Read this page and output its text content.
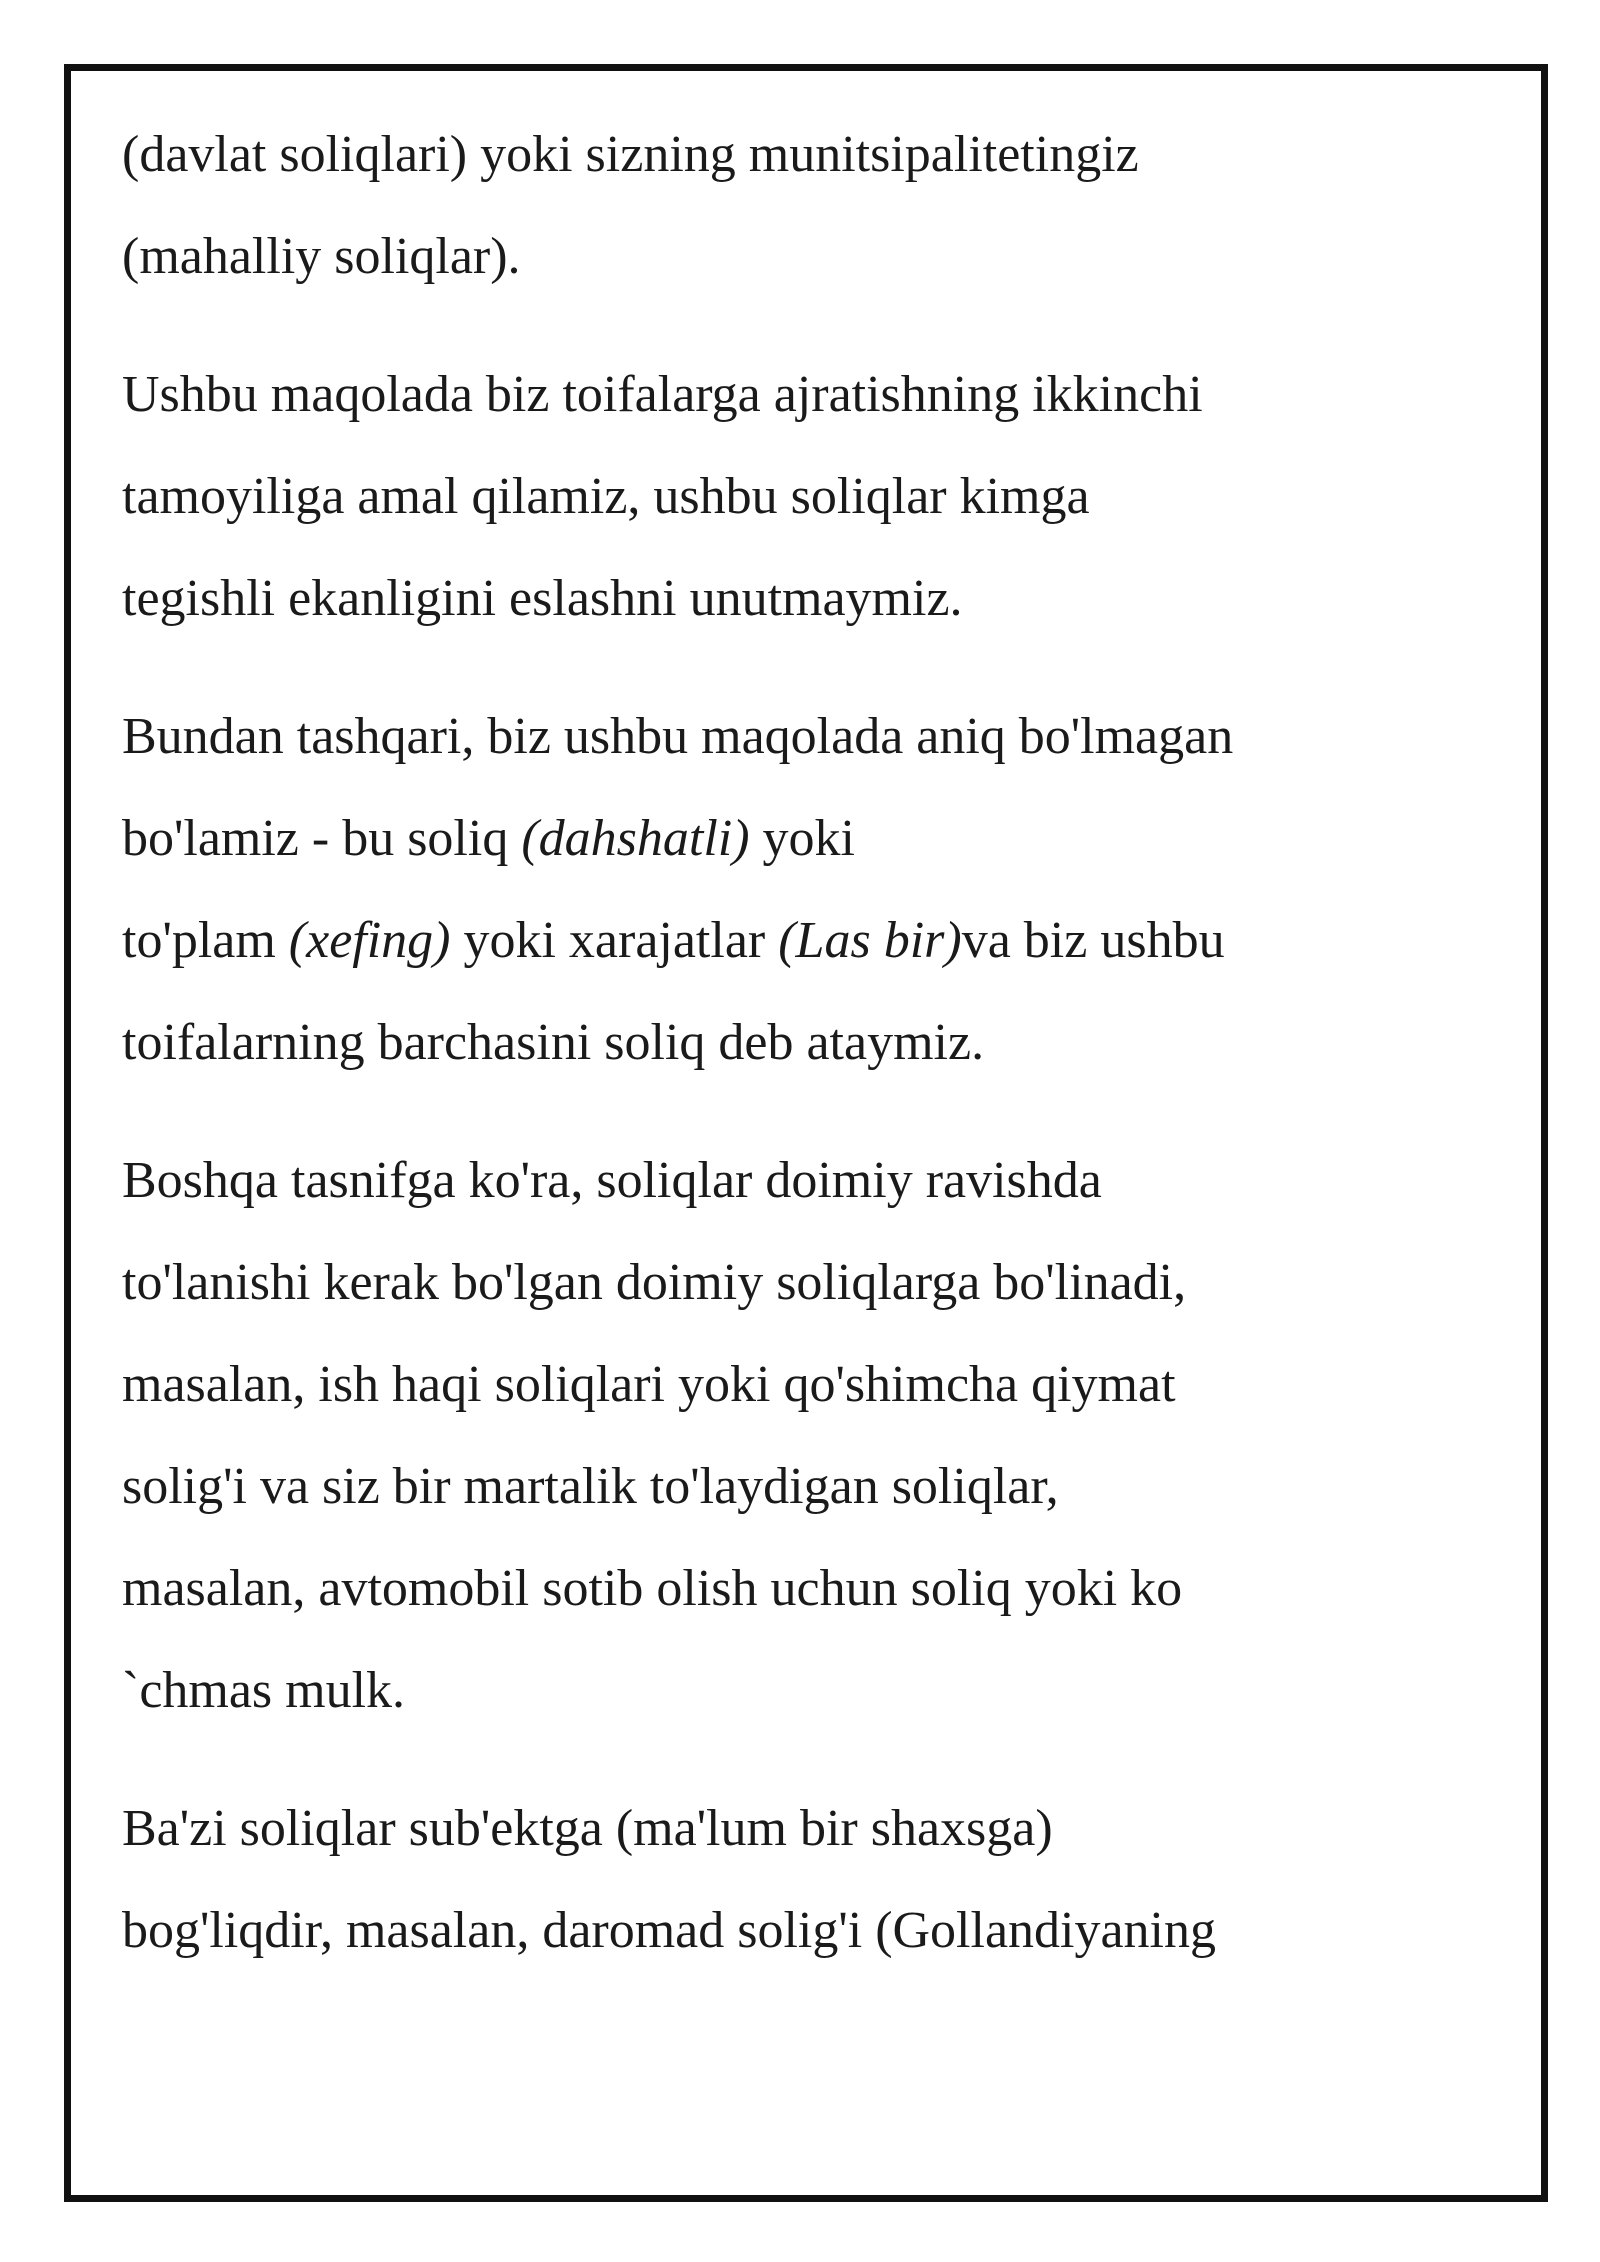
(davlat soliqlari) yoki sizning munitsipalitetingiz
(mahalliy soliqlar).

Ushbu maqolada biz toifalarga ajratishning ikkinchi
tamoyiliga amal qilamiz, ushbu soliqlar kimga
tegishli ekanligini eslashni unutmaymiz.

Bundan tashqari, biz ushbu maqolada aniq bo'lmagan
bo'lamiz - bu soliq (dahshatli) yoki
to'plam (xefing) yoki xarajatlar (Las bir)va biz ushbu
toifalarning barchasini soliq deb ataymiz.

Boshqa tasnifga ko'ra, soliqlar doimiy ravishda
to'lanishi kerak bo'lgan doimiy soliqlarga bo'linadi,
masalan, ish haqi soliqlari yoki qo'shimcha qiymat
solig'i va siz bir martalik to'laydigan soliqlar,
masalan, avtomobil sotib olish uchun soliq yoki ko
`chmas mulk.

Ba'zi soliqlar sub'ektga (ma'lum bir shaxsga)
bog'liqdir, masalan, daromad solig'i (Gollandiyaning
